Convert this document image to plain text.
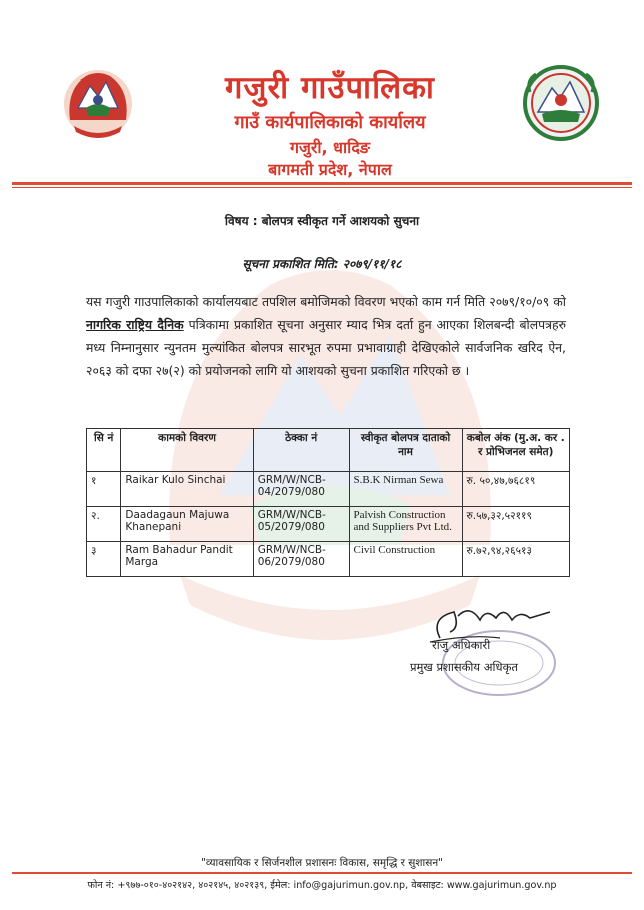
गजुरी गाउँपालिका
गाउँ कार्यपालिकाको कार्यालय
गजुरी, धादिङ
बागमती प्रदेश, नेपाल
विषय : बोलपत्र स्वीकृत गर्ने आशयको सुचना
सूचना प्रकाशित मिति: २०७९/११/१८
यस गजुरी गाउपालिकाको कार्यालयबाट तपशिल बमोजिमको विवरण भएको काम गर्न मिति २०७९/१०/०९ को नागरिक राष्ट्रिय दैनिक पत्रिकामा प्रकाशित सूचना अनुसार म्याद भित्र दर्ता हुन आएका शिलबन्दी बोलपत्रहरु मध्य निम्नानुसार न्युनतम मुल्यांकित बोलपत्र सारभूत रुपमा प्रभावाग्राही देखिएकोले सार्वजनिक खरिद ऐन, २०६३ को दफा २७(२) को प्रयोजनको लागि यो आशयको सुचना प्रकाशित गरिएको छ ।
सि नं	कामको विवरण	ठेक्का नं	स्वीकृत बोलपत्र दाताको नाम	कबोल अंक (मु.अ. कर . र प्रोभिजनल समेत)
१	Raikar Kulo Sinchai	GRM/W/NCB-04/2079/080	S.B.K Nirman Sewa	रु. ५०,४७,७६८१९
२.	Daadagaun Majuwa Khanepani	GRM/W/NCB-05/2079/080	Palvish Construction and Suppliers Pvt Ltd.	रु.५७,३२,५२११९
३	Ram Bahadur Pandit Marga	GRM/W/NCB-06/2079/080	Civil Construction	रु.७२,९४,२६५१३
राजु अधिकारी
प्रमुख प्रशासकीय अधिकृत
"व्यावसायिक र सिर्जनशील प्रशासनः विकास, समृद्धि र सुशासन"
फोन नं: +९७७-०१०-४०२१४२, ४०२१४५, ४०२१३९, ईमेल: info@gajurimun.gov.np, वेबसाइट: www.gajurimun.gov.np
